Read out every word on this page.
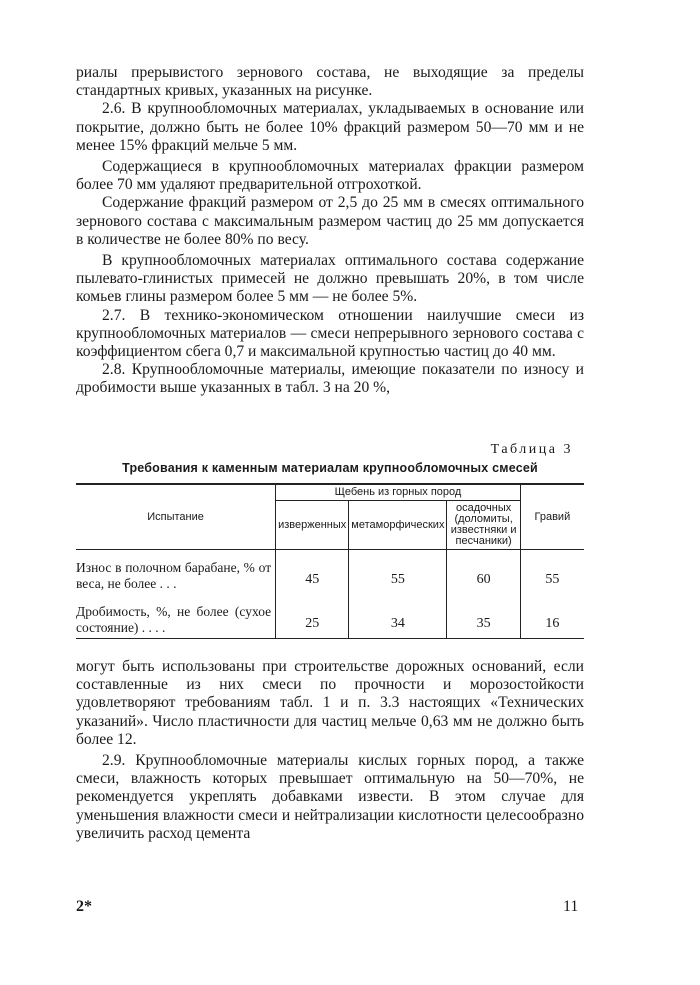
риалы прерывистого зернового состава, не выходящие за пределы стандартных кривых, указанных на рисунке.

2.6. В крупнообломочных материалах, укладываемых в основание или покрытие, должно быть не более 10% фракций размером 50—70 мм и не менее 15% фракций мельче 5 мм.

Содержащиеся в крупнообломочных материалах фракции размером более 70 мм удаляют предварительной отгрохоткой.

Содержание фракций размером от 2,5 до 25 мм в смесях оптимального зернового состава с максимальным размером частиц до 25 мм допускается в количестве не более 80% по весу.

В крупнообломочных материалах оптимального состава содержание пылевато-глинистых примесей не должно превышать 20%, в том числе комьев глины размером более 5 мм — не более 5%.

2.7. В технико-экономическом отношении наилучшие смеси из крупнообломочных материалов — смеси непрерывного зернового состава с коэффициентом сбега 0,7 и максимальной крупностью частиц до 40 мм.

2.8. Крупнообломочные материалы, имеющие показатели по износу и дробимости выше указанных в табл. 3 на 20 %,

Таблица 3
Требования к каменным материалам крупнообломочных смесей
Испытание	Щебень из горных пород			Гравий
	изверженных	метаморфических	осадочных (доломиты, известняки и песчаники)	
Износ в полочном барабане, % от веса, не более . . .	45	55	60	55
Дробимость, %, не более (сухое состояние) . . . .	25	34	35	16

могут быть использованы при строительстве дорожных оснований, если составленные из них смеси по прочности и морозостойкости удовлетворяют требованиям табл. 1 и п. 3.3 настоящих «Технических указаний». Число пластичности для частиц мельче 0,63 мм не должно быть более 12.

2.9. Крупнообломочные материалы кислых горных пород, а также смеси, влажность которых превышает оптимальную на 50—70%, не рекомендуется укреплять добавками извести. В этом случае для уменьшения влажности смеси и нейтрализации кислотности целесообразно увеличить расход цемента

2*	11
